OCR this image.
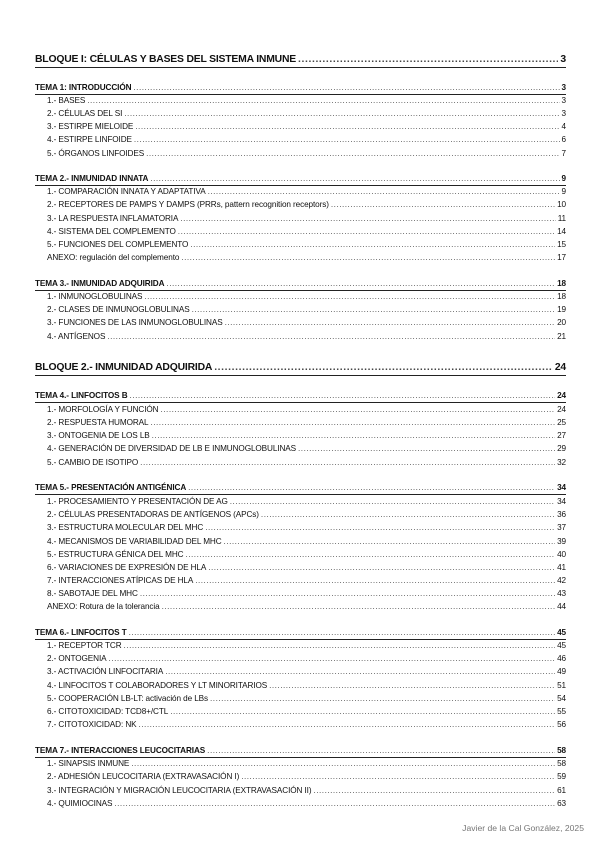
BLOQUE I: CÉLULAS Y BASES DEL SISTEMA INMUNE .....	3
TEMA 1: INTRODUCCIÓN .....	3
1.- BASES .....	3
2.- CÉLULAS DEL SI .....	3
3.- ESTIRPE MIELOIDE .....	4
4.- ESTIRPE LINFOIDE .....	6
5.- ÓRGANOS LINFOIDES .....	7
TEMA 2.- INMUNIDAD INNATA .....	9
1.- COMPARACIÓN INNATA Y ADAPTATIVA .....	9
2.- RECEPTORES DE PAMPS Y DAMPS (PRRs, pattern recognition receptors) .....	10
3.- LA RESPUESTA INFLAMATORIA .....	11
4.- SISTEMA DEL COMPLEMENTO .....	14
5.- FUNCIONES DEL COMPLEMENTO .....	15
ANEXO: regulación del complemento .....	17
TEMA 3.- INMUNIDAD ADQUIRIDA .....	18
1.- INMUNOGLOBULINAS .....	18
2.- CLASES DE INMUNOGLOBULINAS .....	19
3.- FUNCIONES DE LAS INMUNOGLOBULINAS .....	20
4.- ANTÍGENOS .....	21
BLOQUE 2.- INMUNIDAD ADQUIRIDA .....	24
TEMA 4.- LINFOCITOS B .....	24
1.- MORFOLOGÍA Y FUNCIÓN .....	24
2.- RESPUESTA HUMORAL .....	25
3.- ONTOGENIA DE LOS LB .....	27
4.- GENERACIÓN DE DIVERSIDAD DE LB E INMUNOGLOBULINAS .....	29
5.- CAMBIO DE ISOTIPO .....	32
TEMA 5.- PRESENTACIÓN ANTIGÉNICA .....	34
1.- PROCESAMIENTO Y PRESENTACIÓN DE AG .....	34
2.- CÉLULAS PRESENTADORAS DE ANTÍGENOS (APCs) .....	36
3.- ESTRUCTURA MOLECULAR DEL MHC .....	37
4.- MECANISMOS DE VARIABILIDAD DEL MHC .....	39
5.- ESTRUCTURA GÉNICA DEL MHC .....	40
6.- VARIACIONES DE EXPRESIÓN DE HLA .....	41
7.- INTERACCIONES ATÍPICAS DE HLA .....	42
8.- SABOTAJE DEL MHC .....	43
ANEXO: Rotura de la tolerancia .....	44
TEMA 6.- LINFOCITOS T .....	45
1.- RECEPTOR TCR .....	45
2.- ONTOGENIA .....	46
3.- ACTIVACIÓN LINFOCITARIA .....	49
4.- LINFOCITOS T COLABORADORES Y LT MINORITARIOS .....	51
5.- COOPERACIÓN LB-LT: activación de LBs .....	54
6.- CITOTOXICIDAD: TCD8+/CTL .....	55
7.- CITOTOXICIDAD: NK .....	56
TEMA 7.- INTERACCIONES LEUCOCITARIAS .....	58
1.- SINAPSIS INMUNE .....	58
2.- ADHESIÓN LEUCOCITARIA (EXTRAVASACIÓN I) .....	59
3.- INTEGRACIÓN Y MIGRACIÓN LEUCOCITARIA (EXTRAVASACIÓN II) .....	61
4.- QUIMIOCINAS .....	63
Javier de la Cal González, 2025
